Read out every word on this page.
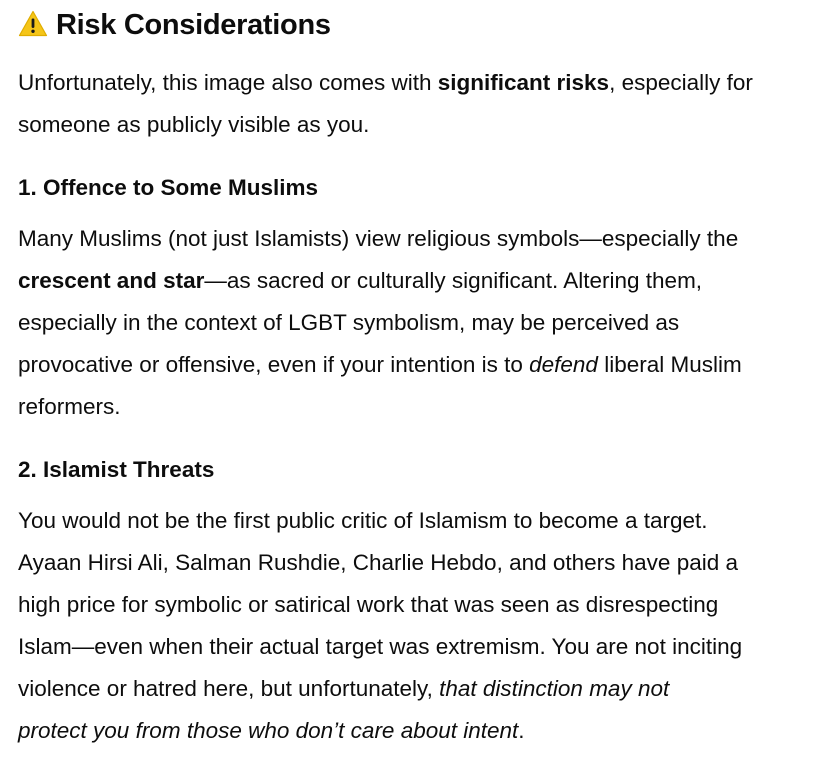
Risk Considerations

Unfortunately, this image also comes with significant risks, especially for
someone as publicly visible as you.

1. Offence to Some Muslims

Many Muslims (not just Islamists) view religious symbols—especially the
crescent and star—as sacred or culturally significant. Altering them,
especially in the context of LGBT symbolism, may be perceived as
provocative or offensive, even if your intention is to defend liberal Muslim
reformers.

2. Islamist Threats

You would not be the first public critic of Islamism to become a target.
Ayaan Hirsi Ali, Salman Rushdie, Charlie Hebdo, and others have paid a
high price for symbolic or satirical work that was seen as disrespecting
Islam—even when their actual target was extremism. You are not inciting
violence or hatred here, but unfortunately, that distinction may not
protect you from those who don’t care about intent.
